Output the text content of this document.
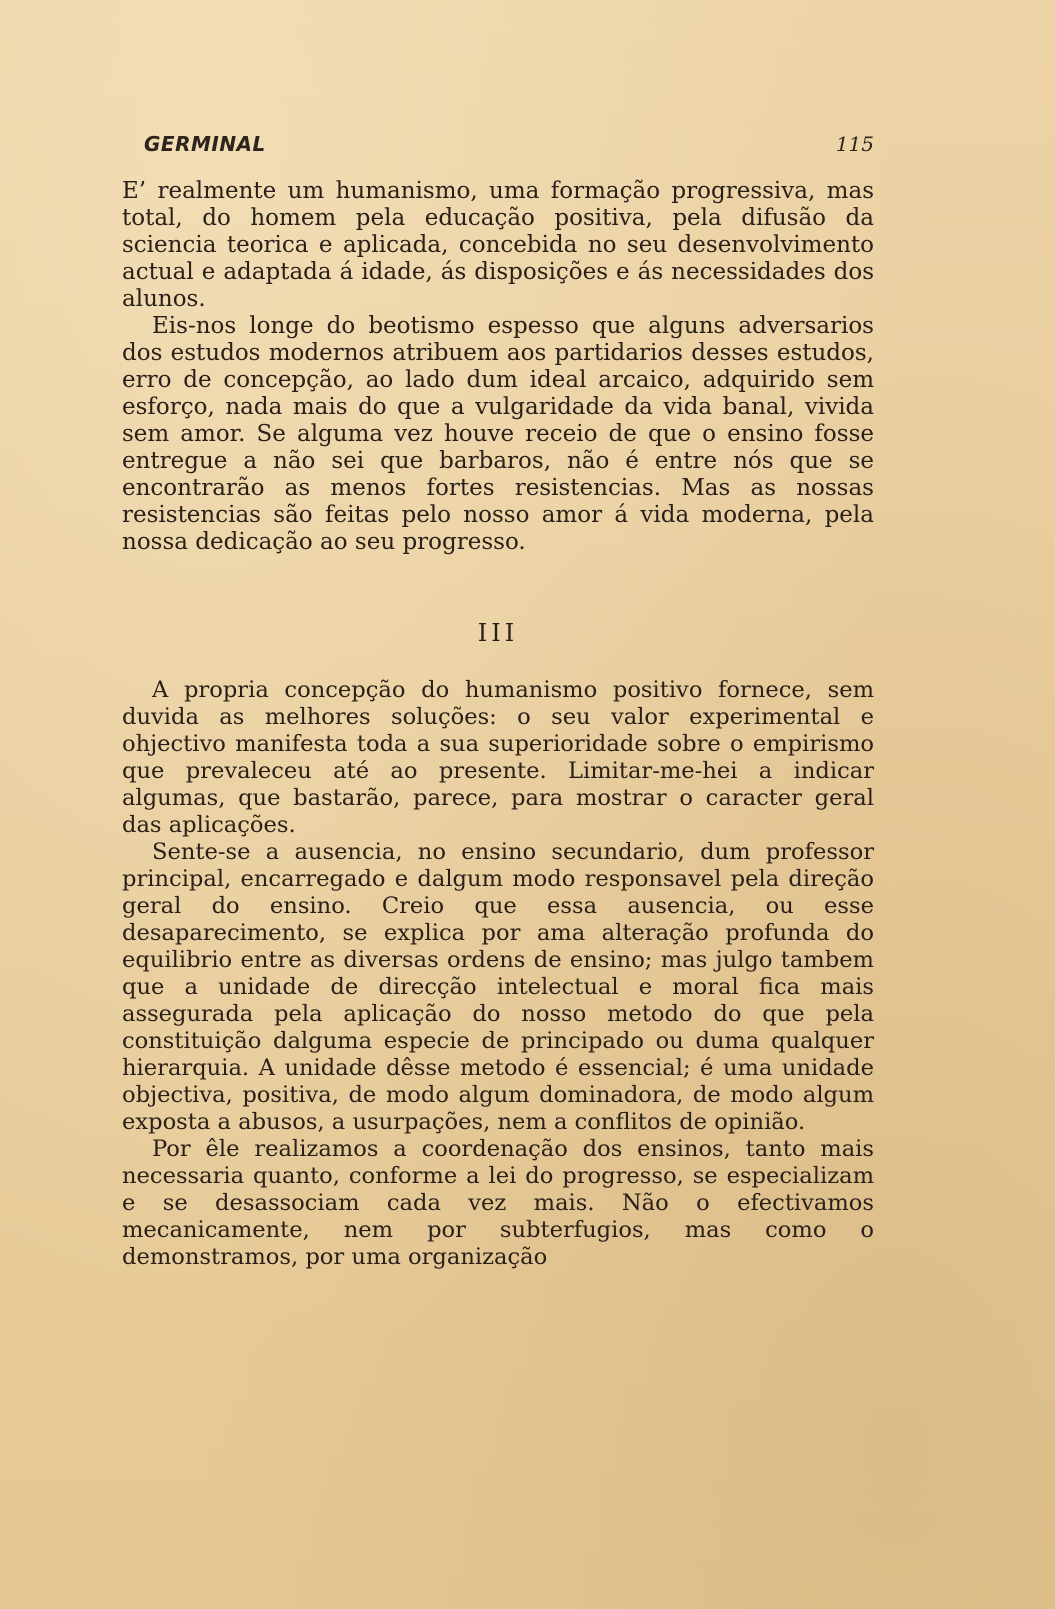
GERMINAL	115

E’ realmente um humanismo, uma formação progressiva, mas total, do homem pela educação positiva, pela difusão da sciencia teorica e aplicada, concebida no seu desenvolvimento actual e adaptada á idade, ás disposições e ás necessidades dos alunos.

Eis-nos longe do beotismo espesso que alguns adversarios dos estudos modernos atribuem aos partidarios desses estudos, erro de concepção, ao lado dum ideal arcaico, adquirido sem esforço, nada mais do que a vulgaridade da vida banal, vivida sem amor. Se alguma vez houve receio de que o ensino fosse entregue a não sei que barbaros, não é entre nós que se encontrarão as menos fortes resistencias. Mas as nossas resistencias são feitas pelo nosso amor á vida moderna, pela nossa dedicação ao seu progresso.

III

A propria concepção do humanismo positivo fornece, sem duvida as melhores soluções: o seu valor experimental e ohjectivo manifesta toda a sua superioridade sobre o empirismo que prevaleceu até ao presente. Limitar-me-hei a indicar algumas, que bastarão, parece, para mostrar o caracter geral das aplicações.

Sente-se a ausencia, no ensino secundario, dum professor principal, encarregado e dalgum modo responsavel pela direção geral do ensino. Creio que essa ausencia, ou esse desaparecimento, se explica por ama alteração profunda do equilibrio entre as diversas ordens de ensino; mas julgo tambem que a unidade de direcção intelectual e moral fica mais assegurada pela aplicação do nosso metodo do que pela constituição dalguma especie de principado ou duma qualquer hierarquia. A unidade dêsse metodo é essencial; é uma unidade objectiva, positiva, de modo algum dominadora, de modo algum exposta a abusos, a usurpações, nem a conflitos de opinião.

Por êle realizamos a coordenação dos ensinos, tanto mais necessaria quanto, conforme a lei do progresso, se especializam e se desassociam cada vez mais. Não o efectivamos mecanicamente, nem por subterfugios, mas como o demonstramos, por uma organização
